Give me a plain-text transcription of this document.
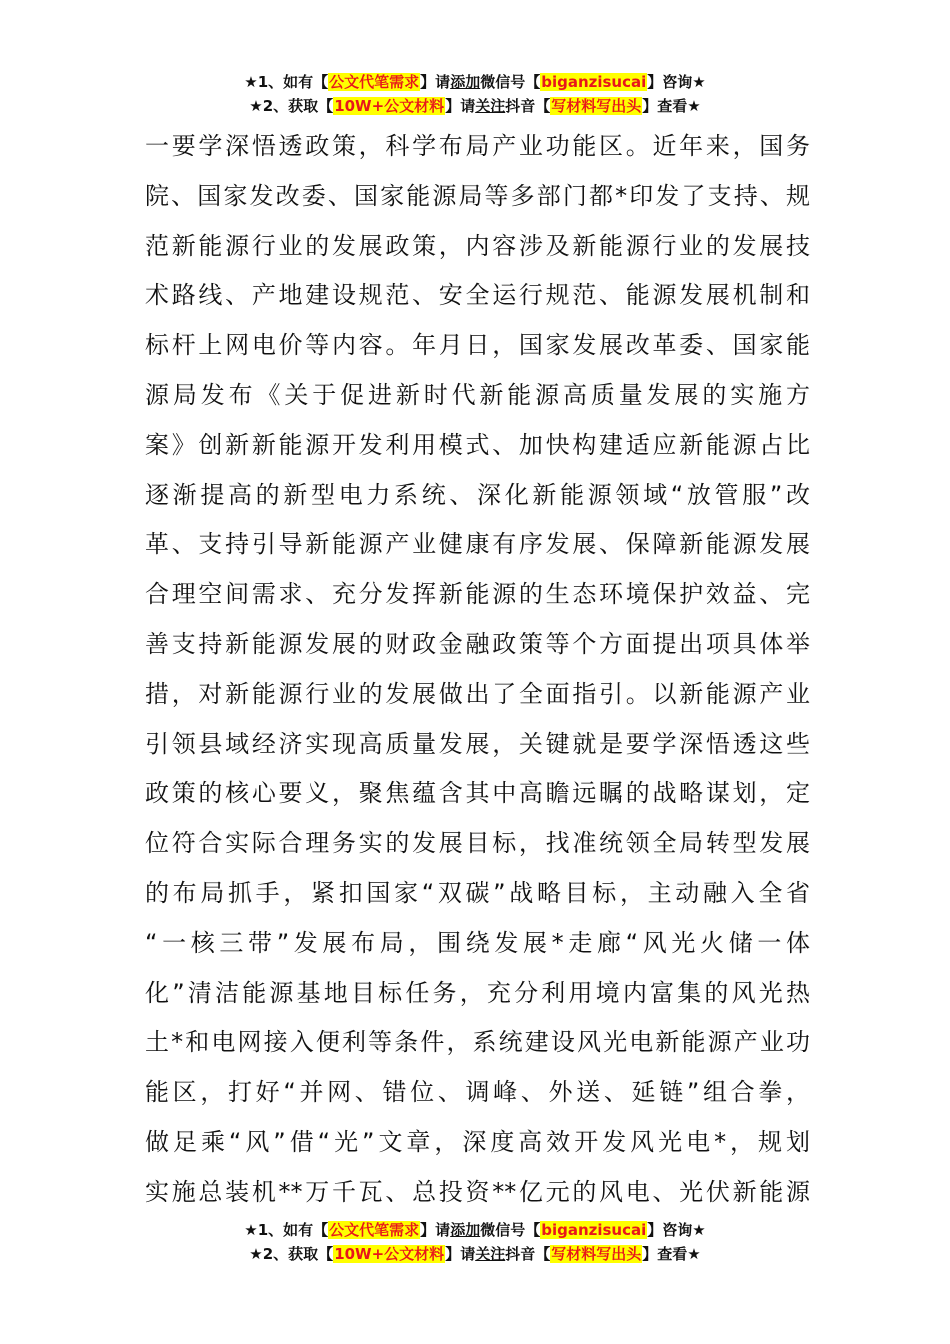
★1、如有【公文代笔需求】请添加微信号【biganzisucai】咨询★
★2、获取【10W+公文材料】请关注抖音【写材料写出头】查看★
一要学深悟透政策，科学布局产业功能区。近年来，国务
院、国家发改委、国家能源局等多部门都*印发了支持、规
范新能源行业的发展政策，内容涉及新能源行业的发展技
术路线、产地建设规范、安全运行规范、能源发展机制和
标杆上网电价等内容。年月日，国家发展改革委、国家能
源局发布《关于促进新时代新能源高质量发展的实施方
案》创新新能源开发利用模式、加快构建适应新能源占比
逐渐提高的新型电力系统、深化新能源领域“放管服”改
革、支持引导新能源产业健康有序发展、保障新能源发展
合理空间需求、充分发挥新能源的生态环境保护效益、完
善支持新能源发展的财政金融政策等个方面提出项具体举
措，对新能源行业的发展做出了全面指引。以新能源产业
引领县域经济实现高质量发展，关键就是要学深悟透这些
政策的核心要义，聚焦蕴含其中高瞻远瞩的战略谋划，定
位符合实际合理务实的发展目标，找准统领全局转型发展
的布局抓手，紧扣国家“双碳”战略目标，主动融入全省
“一核三带”发展布局，围绕发展*走廊“风光火储一体
化”清洁能源基地目标任务，充分利用境内富集的风光热
土*和电网接入便利等条件，系统建设风光电新能源产业功
能区，打好“并网、错位、调峰、外送、延链”组合拳，
做足乘“风”借“光”文章，深度高效开发风光电*，规划
实施总装机**万千瓦、总投资**亿元的风电、光伏新能源
★1、如有【公文代笔需求】请添加微信号【biganzisucai】咨询★
★2、获取【10W+公文材料】请关注抖音【写材料写出头】查看★
